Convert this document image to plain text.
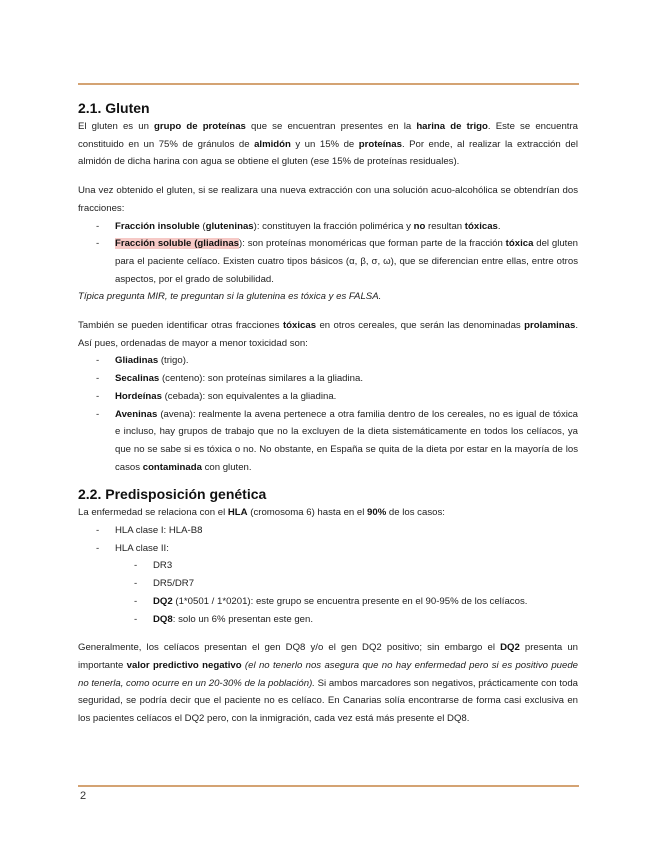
2.1. Gluten

El gluten es un grupo de proteínas que se encuentran presentes en la harina de trigo. Este se encuentra constituido en un 75% de gránulos de almidón y un 15% de proteínas. Por ende, al realizar la extracción del almidón de dicha harina con agua se obtiene el gluten (ese 15% de proteínas residuales).

Una vez obtenido el gluten, si se realizara una nueva extracción con una solución acuo-alcohólica se obtendrían dos fracciones:

- Fracción insoluble (gluteninas): constituyen la fracción polimérica y no resultan tóxicas.
- Fracción soluble (gliadinas): son proteínas monoméricas que forman parte de la fracción tóxica del gluten para el paciente celíaco. Existen cuatro tipos básicos (α, β, σ, ω), que se diferencian entre ellas, entre otros aspectos, por el grado de solubilidad.

Típica pregunta MIR, te preguntan si la glutenina es tóxica y es FALSA.

También se pueden identificar otras fracciones tóxicas en otros cereales, que serán las denominadas prolaminas. Así pues, ordenadas de mayor a menor toxicidad son:

- Gliadinas (trigo).
- Secalinas (centeno): son proteínas similares a la gliadina.
- Hordeínas (cebada): son equivalentes a la gliadina.
- Aveninas (avena): realmente la avena pertenece a otra familia dentro de los cereales, no es igual de tóxica e incluso, hay grupos de trabajo que no la excluyen de la dieta sistemáticamente en todos los celíacos, ya que no se sabe si es tóxica o no. No obstante, en España se quita de la dieta por estar en la mayoría de los casos contaminada con gluten.
2.2. Predisposición genética

La enfermedad se relaciona con el HLA (cromosoma 6) hasta en el 90% de los casos:

- HLA clase I: HLA-B8
- HLA clase II:
- DR3
- DR5/DR7
- DQ2 (1*0501 / 1*0201): este grupo se encuentra presente en el 90-95% de los celíacos.
- DQ8: solo un 6% presentan este gen.

Generalmente, los celíacos presentan el gen DQ8 y/o el gen DQ2 positivo; sin embargo el DQ2 presenta un importante valor predictivo negativo (el no tenerlo nos asegura que no hay enfermedad pero si es positivo puede no tenerla, como ocurre en un 20-30% de la población). Si ambos marcadores son negativos, prácticamente con toda seguridad, se podría decir que el paciente no es celíaco. En Canarias solía encontrarse de forma casi exclusiva en los pacientes celíacos el DQ2 pero, con la inmigración, cada vez está más presente el DQ8.

2
